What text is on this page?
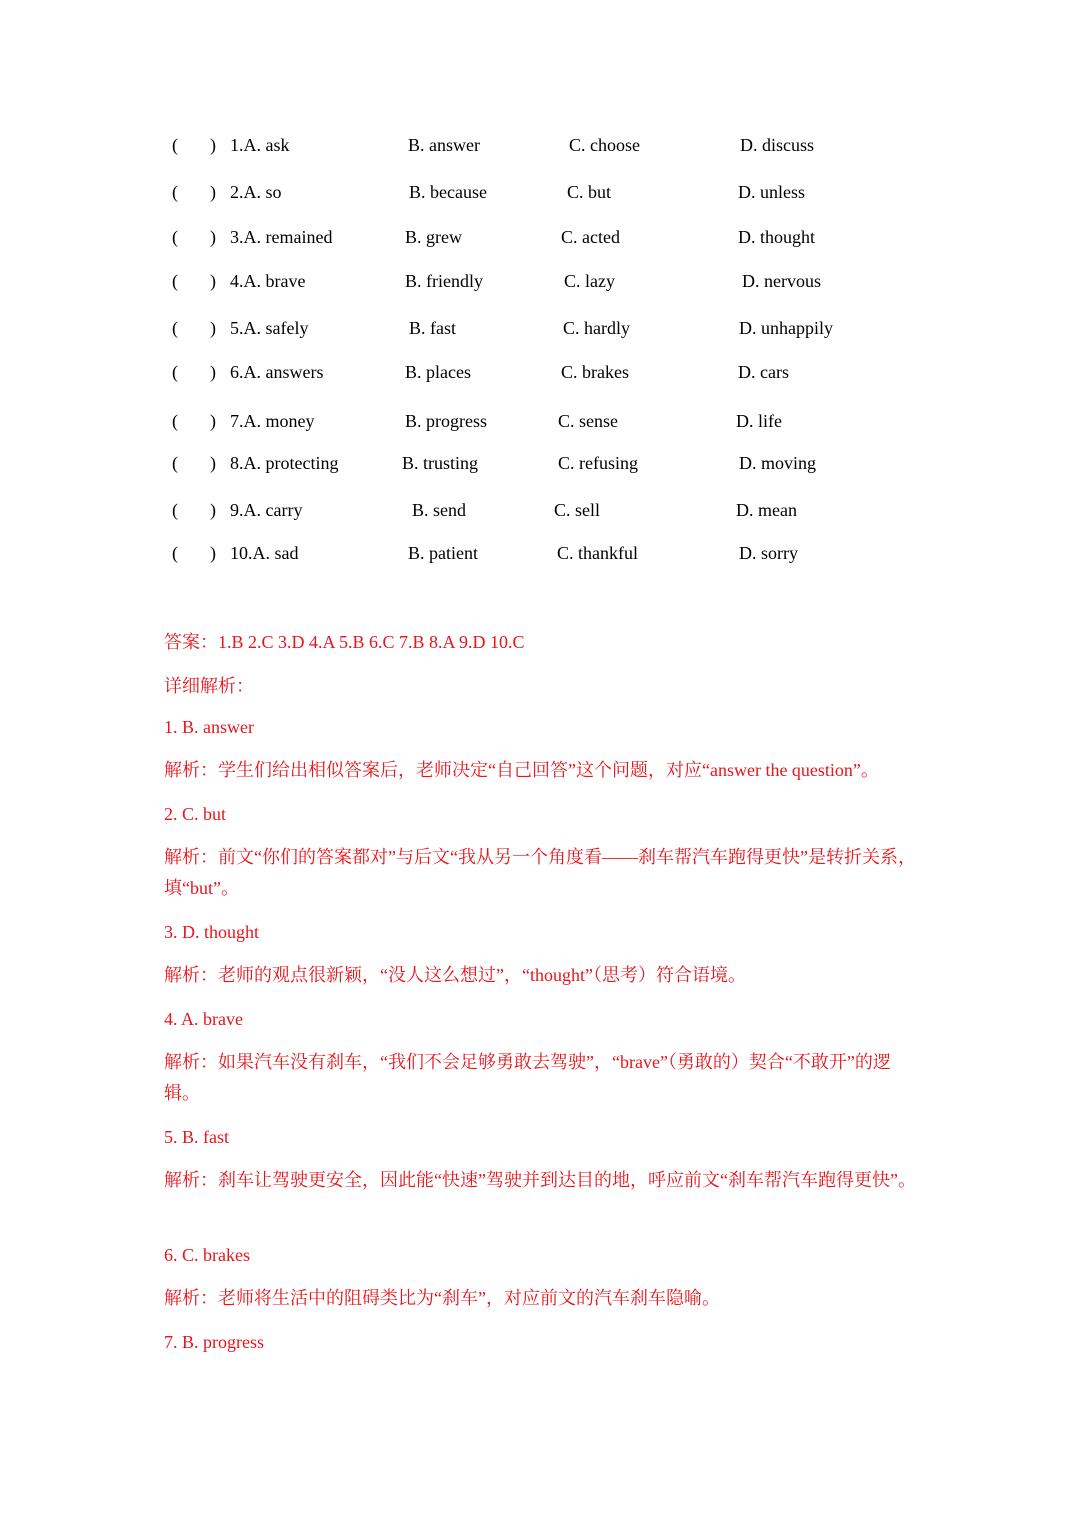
( ) 1.A. ask	B. answer	C. choose	D. discuss
( ) 2.A. so	B. because	C. but	D. unless
( ) 3.A. remained	B. grew	C. acted	D. thought
( ) 4.A. brave	B. friendly	C. lazy	D. nervous
( ) 5.A. safely	B. fast	C. hardly	D. unhappily
( ) 6.A. answers	B. places	C. brakes	D. cars
( ) 7.A. money	B. progress	C. sense	D. life
( ) 8.A. protecting	B. trusting	C. refusing	D. moving
( ) 9.A. carry	B. send	C. sell	D. mean
( ) 10.A. sad	B. patient	C. thankful	D. sorry
答案：1.B 2.C 3.D 4.A 5.B 6.C 7.B 8.A 9.D 10.C
详细解析：
1. B. answer
解析：学生们给出相似答案后，老师决定“自己回答”这个问题，对应“answer the question”。
2. C. but
解析：前文“你们的答案都对”与后文“我从另一个角度看——刹车帮汽车跑得更快”是转折关系，填“but”。
3. D. thought
解析：老师的观点很新颖，“没人这么想过”，“thought”（思考）符合语境。
4. A. brave
解析：如果汽车没有刹车，“我们不会足够勇敢去驾驶”，“brave”（勇敢的）契合“不敢开”的逻辑。
5. B. fast
解析：刹车让驾驶更安全，因此能“快速”驾驶并到达目的地，呼应前文“刹车帮汽车跑得更快”。
6. C. brakes
解析：老师将生活中的阻碍类比为“刹车”，对应前文的汽车刹车隐喻。
7. B. progress
